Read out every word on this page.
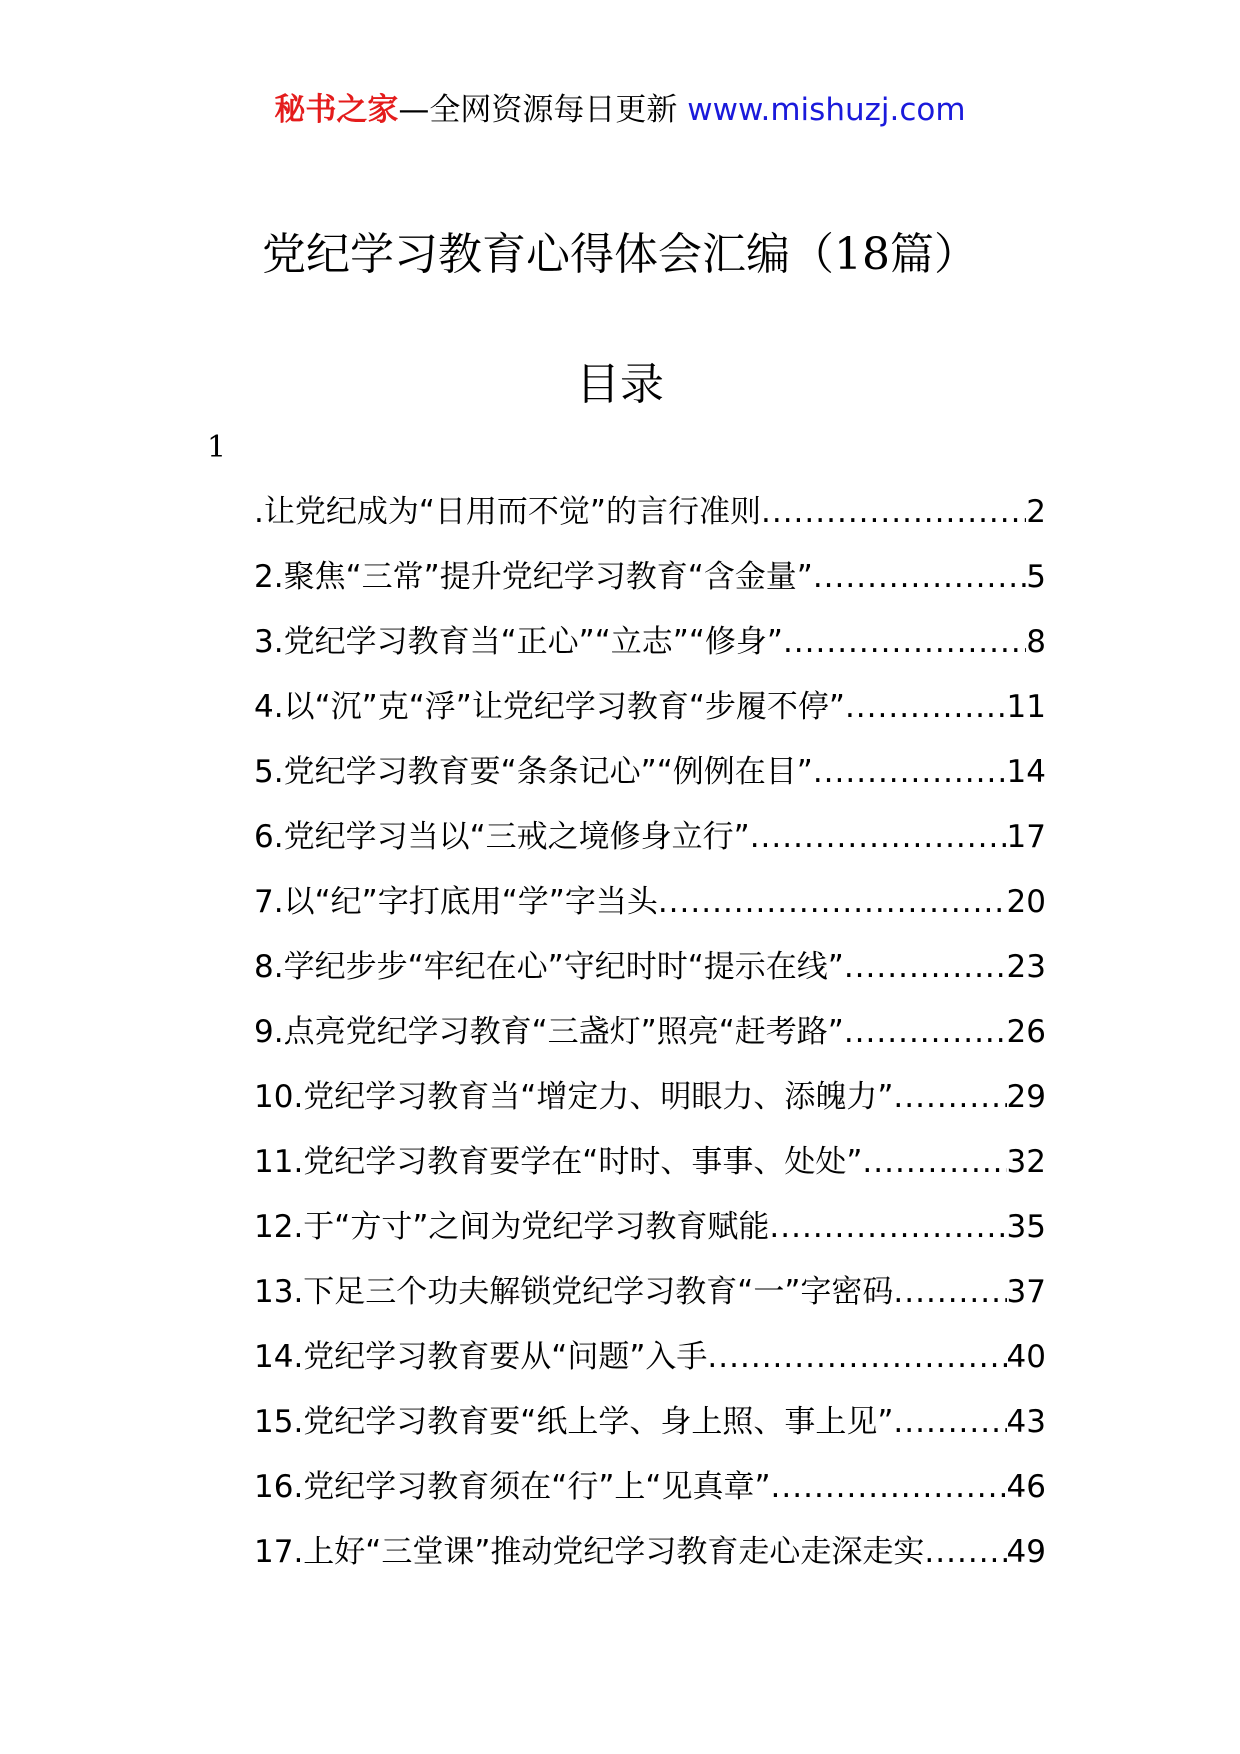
秘书之家—全网资源每日更新 www.mishuzj.com
党纪学习教育心得体会汇编（18篇）
目录
1
.让党纪成为“日用而不觉”的言行准则 .....	2
2.聚焦“三常”提升党纪学习教育“含金量” .....	5
3.党纪学习教育当“正心”“立志”“修身” .....	8
4.以“沉”克“浮”让党纪学习教育“步履不停” .....	11
5.党纪学习教育要“条条记心”“例例在目” .....	14
6.党纪学习当以“三戒之境修身立行” .....	17
7.以“纪”字打底用“学”字当头 .....	20
8.学纪步步“牢纪在心”守纪时时“提示在线” .....	23
9.点亮党纪学习教育“三盏灯”照亮“赶考路” .....	26
10.党纪学习教育当“增定力、明眼力、添魄力” .....	29
11.党纪学习教育要学在“时时、事事、处处” .....	32
12.于“方寸”之间为党纪学习教育赋能 .....	35
13.下足三个功夫解锁党纪学习教育“一”字密码 .....	37
14.党纪学习教育要从“问题”入手 .....	40
15.党纪学习教育要“纸上学、身上照、事上见” .....	43
16.党纪学习教育须在“行”上“见真章” .....	46
17.上好“三堂课”推动党纪学习教育走心走深走实 .....	49
